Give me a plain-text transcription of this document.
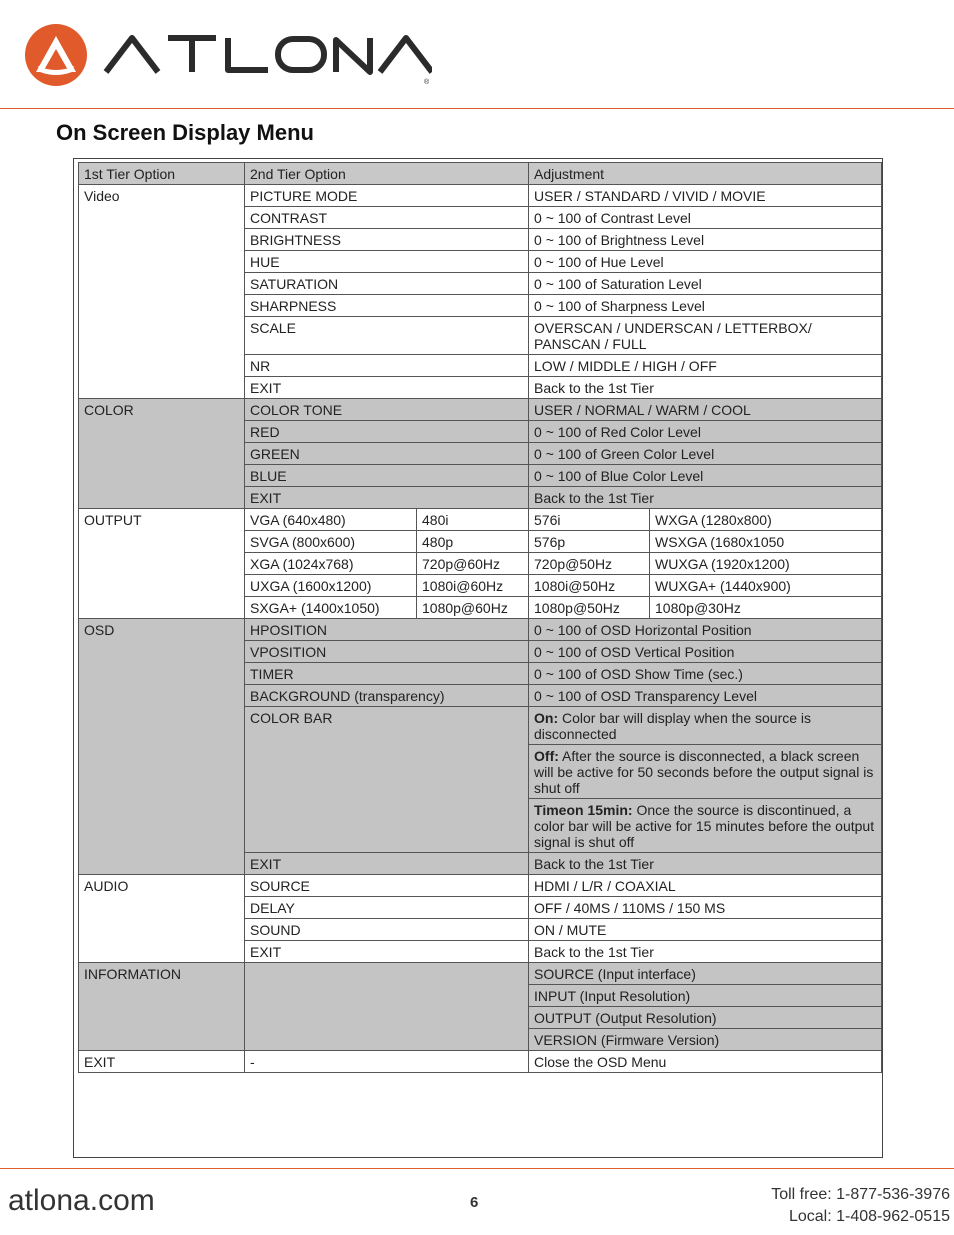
®
On Screen Display Menu
1st Tier Option	2nd Tier Option		Adjustment	
Video	PICTURE MODE		USER / STANDARD / VIVID / MOVIE	
	CONTRAST		0 ~ 100 of Contrast Level	
	BRIGHTNESS		0 ~ 100 of Brightness Level	
	HUE		0 ~ 100 of Hue Level	
	SATURATION		0 ~ 100 of Saturation Level	
	SHARPNESS		0 ~ 100 of Sharpness Level	
	SCALE		OVERSCAN / UNDERSCAN / LETTERBOX/ PANSCAN / FULL	
	NR		LOW / MIDDLE / HIGH / OFF	
	EXIT		Back to the 1st Tier	
COLOR	COLOR TONE		USER / NORMAL / WARM / COOL	
	RED		0 ~ 100 of Red Color Level	
	GREEN		0 ~ 100 of Green Color Level	
	BLUE		0 ~ 100 of Blue Color Level	
	EXIT		Back to the 1st Tier	
OUTPUT	VGA (640x480)	480i	576i	WXGA (1280x800)
	SVGA (800x600)	480p	576p	WSXGA (1680x1050
	XGA (1024x768)	720p@60Hz	720p@50Hz	WUXGA (1920x1200)
	UXGA (1600x1200)	1080i@60Hz	1080i@50Hz	WUXGA+ (1440x900)
	SXGA+ (1400x1050)	1080p@60Hz	1080p@50Hz	1080p@30Hz
OSD	HPOSITION		0 ~ 100 of OSD Horizontal Position	
	VPOSITION		0 ~ 100 of OSD Vertical Position	
	TIMER		0 ~ 100 of OSD Show Time (sec.)	
	BACKGROUND (transparency)		0 ~ 100 of OSD Transparency Level	
	COLOR BAR		On: Color bar will display when the source is disconnected	
			Off: After the source is disconnected, a black screen will be active for 50 seconds before the output signal is shut off	
			Timeon 15min: Once the source is discontinued, a color bar will be active for 15 minutes before the output signal is shut off	
	EXIT		Back to the 1st Tier	
AUDIO	SOURCE		HDMI / L/R / COAXIAL	
	DELAY		OFF / 40MS / 110MS / 150 MS	
	SOUND		ON / MUTE	
	EXIT		Back to the 1st Tier	
INFORMATION			SOURCE (Input interface)	
			INPUT (Input Resolution)	
			OUTPUT (Output Resolution)	
			VERSION (Firmware Version)	
EXIT	-		Close the OSD Menu	
atlona.com	6	Toll free: 1-877-536-3976
Local: 1-408-962-0515
